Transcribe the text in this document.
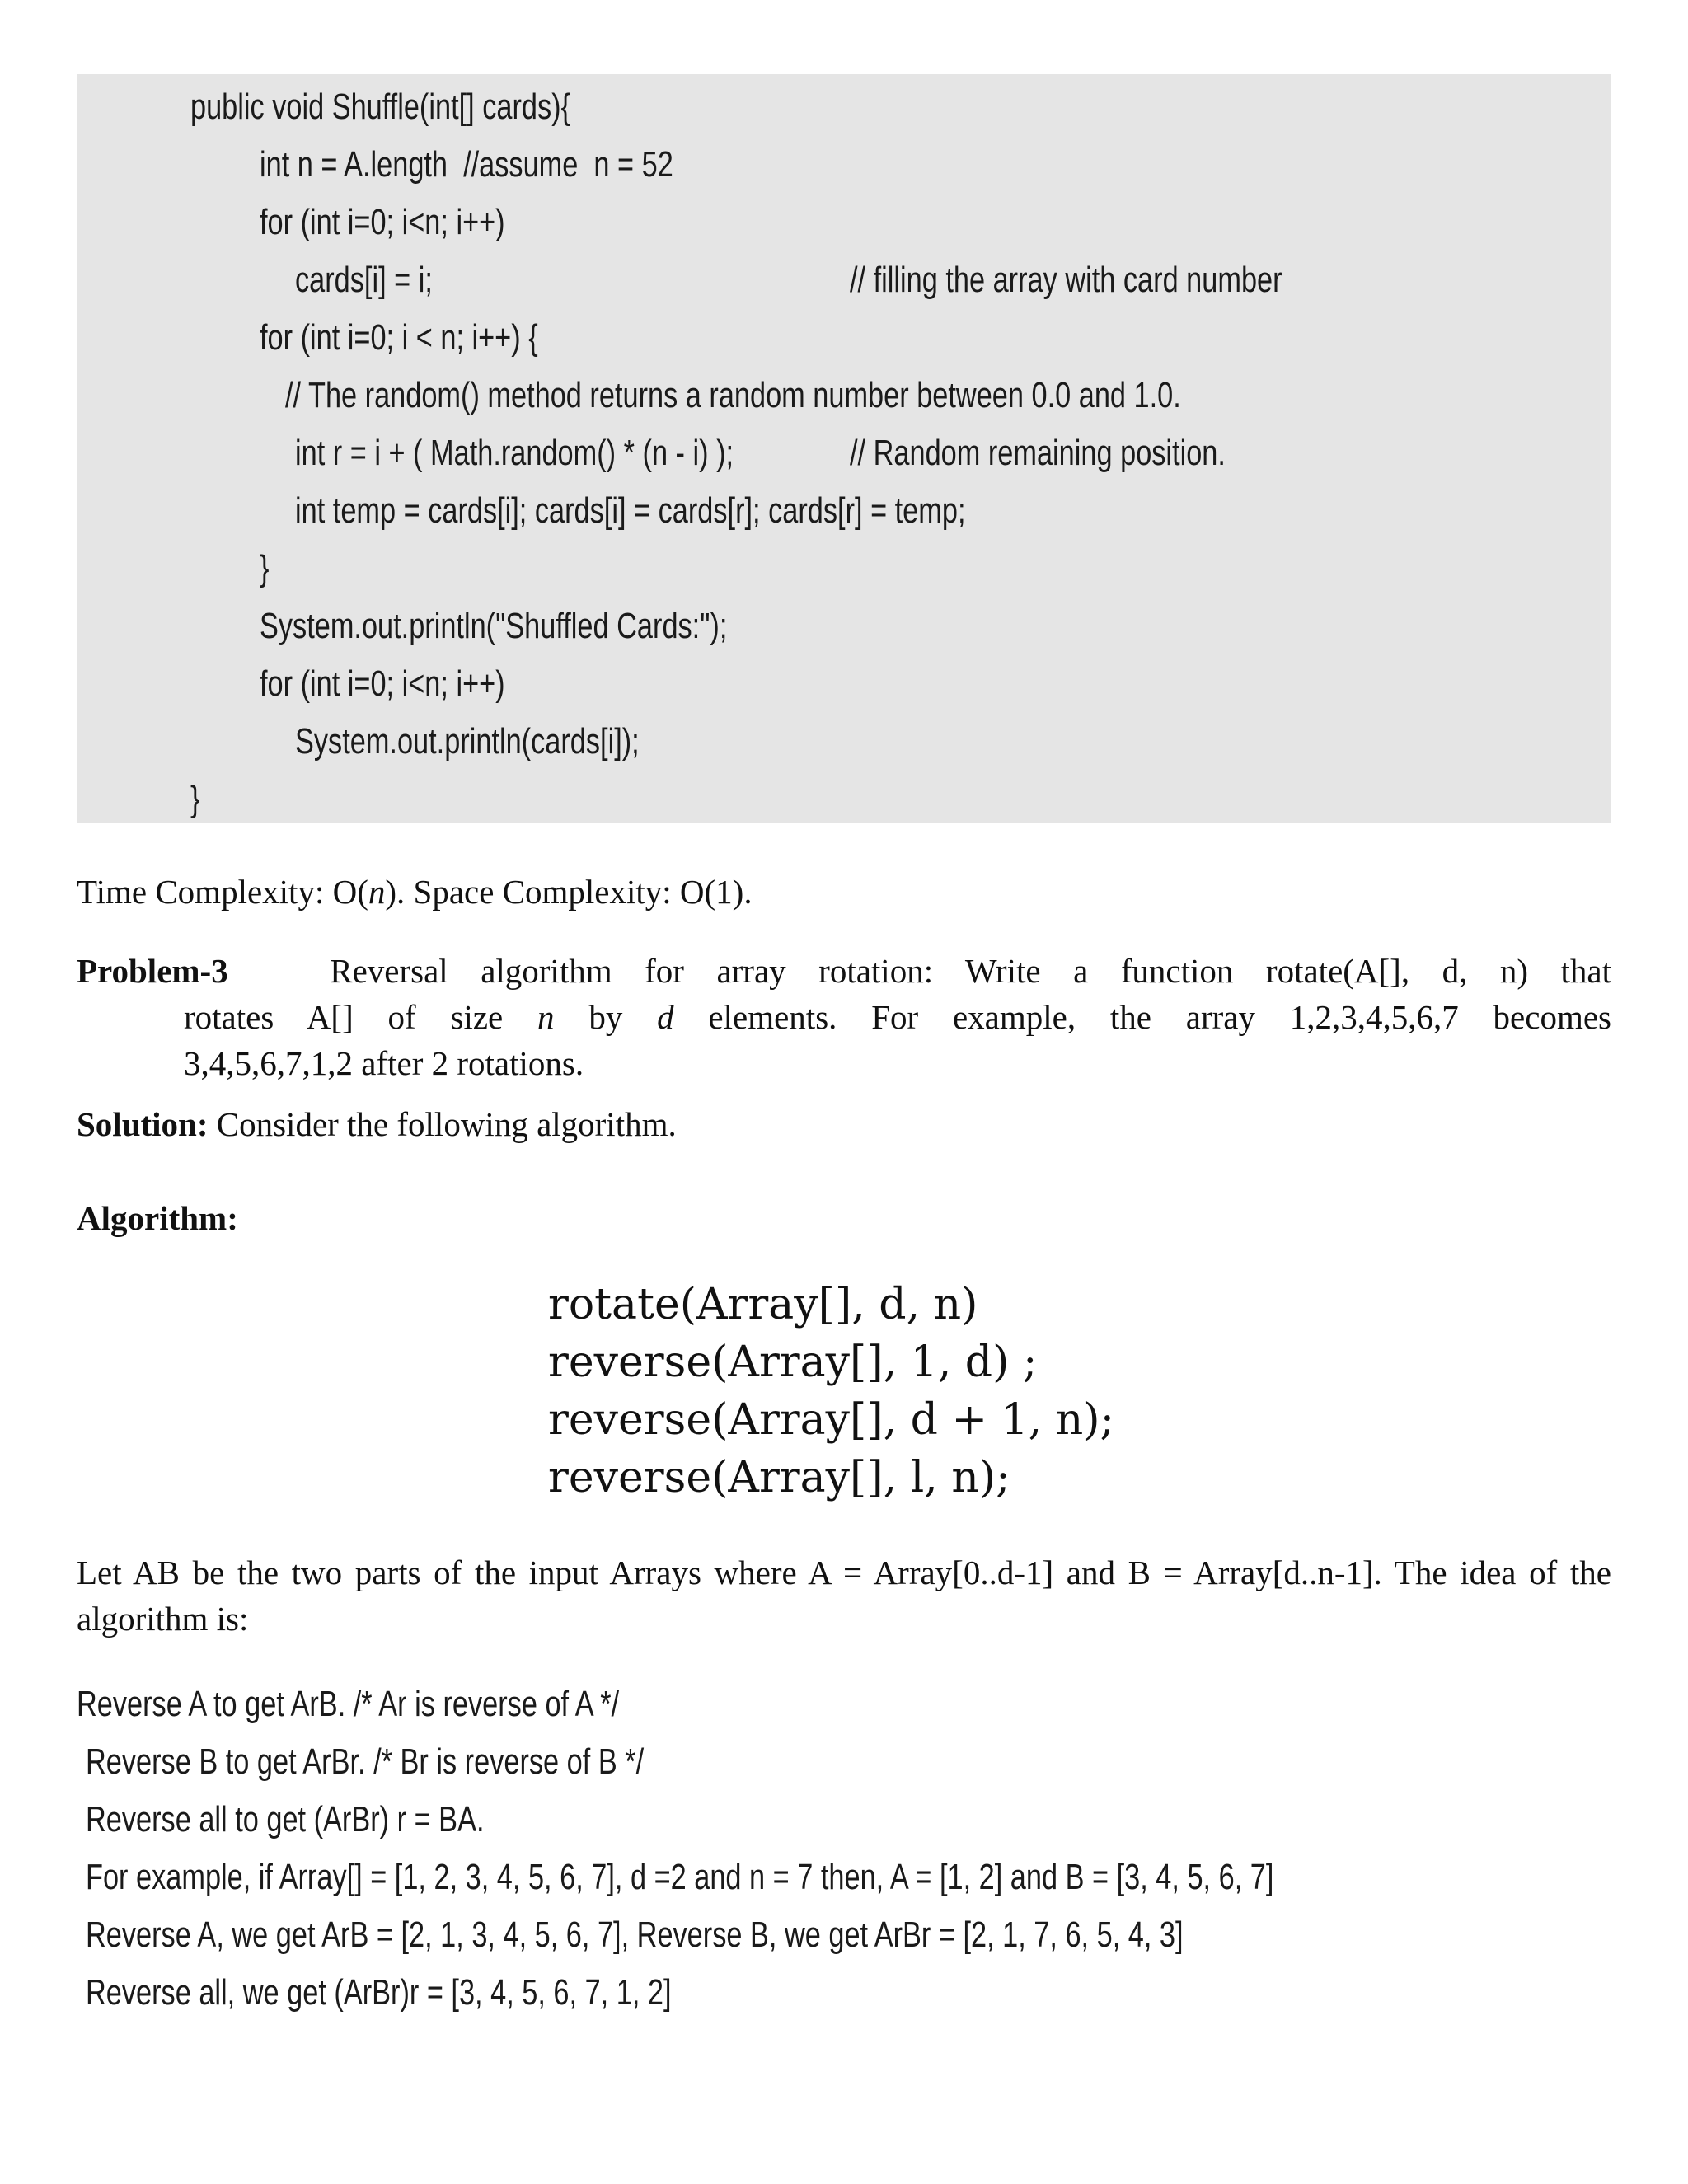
public void Shuffle(int[] cards){
int n = A.length  //assume  n = 52
for (int i=0; i<n; i++)
cards[i] = i;	// filling the array with card number
for (int i=0; i < n; i++) {
// The random() method returns a random number between 0.0 and 1.0.
int r = i + ( Math.random() * (n - i) );	// Random remaining position.
int temp = cards[i]; cards[i] = cards[r]; cards[r] = temp;
}
System.out.println("Shuffled Cards:");
for (int i=0; i<n; i++)
System.out.println(cards[i]);
}
Time Complexity: O(n). Space Complexity: O(1).
Problem-3	Reversal algorithm for array rotation: Write a function rotate(A[], d, n) that
rotates A[] of size n by d elements. For example, the array 1,2,3,4,5,6,7 becomes
3,4,5,6,7,1,2 after 2 rotations.
Solution: Consider the following algorithm.
Algorithm:
rotate(Array[], d, n)
reverse(Array[], 1, d) ;
reverse(Array[], d + 1, n);
reverse(Array[], l, n);
Let AB be the two parts of the input Arrays where A = Array[0..d-1] and B = Array[d..n-1]. The idea of the algorithm is:
Reverse A to get ArB. /* Ar is reverse of A */
Reverse B to get ArBr. /* Br is reverse of B */
Reverse all to get (ArBr) r = BA.
For example, if Array[] = [1, 2, 3, 4, 5, 6, 7], d =2 and n = 7 then, A = [1, 2] and B = [3, 4, 5, 6, 7]
Reverse A, we get ArB = [2, 1, 3, 4, 5, 6, 7], Reverse B, we get ArBr = [2, 1, 7, 6, 5, 4, 3]
Reverse all, we get (ArBr)r = [3, 4, 5, 6, 7, 1, 2]
